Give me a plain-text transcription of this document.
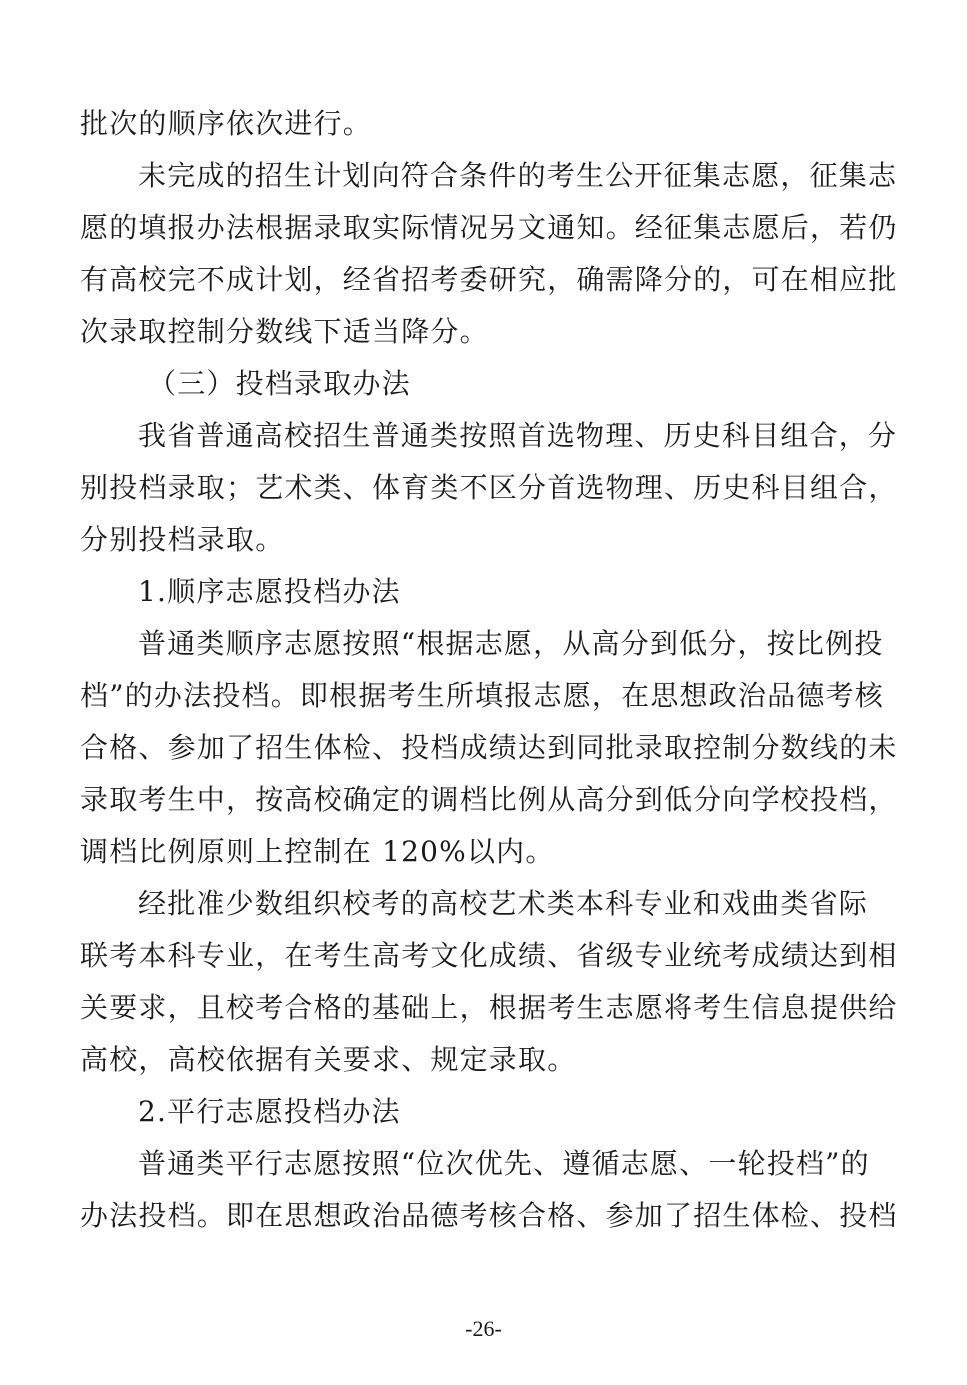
批次的顺序依次进行。
未完成的招生计划向符合条件的考生公开征集志愿，征集志
愿的填报办法根据录取实际情况另文通知。经征集志愿后，若仍
有高校完不成计划，经省招考委研究，确需降分的，可在相应批
次录取控制分数线下适当降分。
（三）投档录取办法
我省普通高校招生普通类按照首选物理、历史科目组合，分
别投档录取；艺术类、体育类不区分首选物理、历史科目组合，
分别投档录取。
1.顺序志愿投档办法
普通类顺序志愿按照“根据志愿，从高分到低分，按比例投
档”的办法投档。即根据考生所填报志愿，在思想政治品德考核
合格、参加了招生体检、投档成绩达到同批录取控制分数线的未
录取考生中，按高校确定的调档比例从高分到低分向学校投档，
调档比例原则上控制在 120%以内。
经批准少数组织校考的高校艺术类本科专业和戏曲类省际
联考本科专业，在考生高考文化成绩、省级专业统考成绩达到相
关要求，且校考合格的基础上，根据考生志愿将考生信息提供给
高校，高校依据有关要求、规定录取。
2.平行志愿投档办法
普通类平行志愿按照“位次优先、遵循志愿、一轮投档”的
办法投档。即在思想政治品德考核合格、参加了招生体检、投档
-26-
